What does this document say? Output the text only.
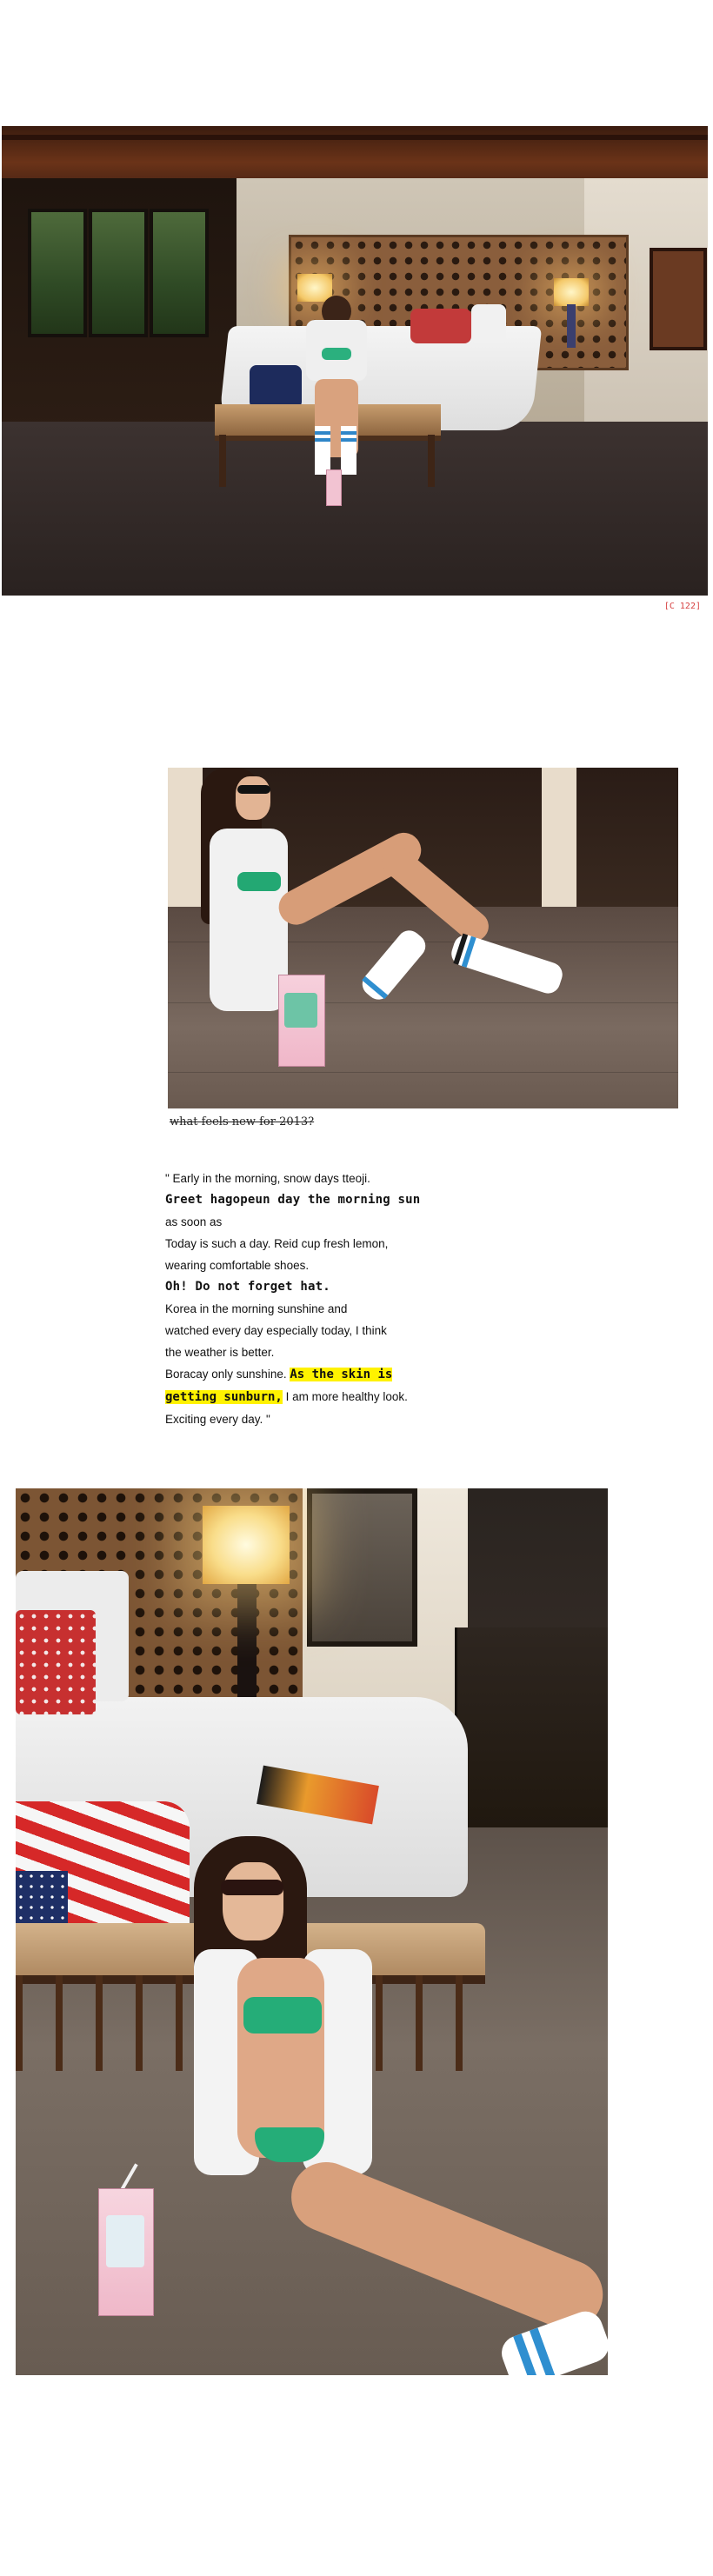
[C 122]
what feels new for 2013?
" Early in the morning, snow days tteoji.
Greet hagopeun day the morning sun
as soon as
Today is such a day. Reid cup fresh lemon,
wearing comfortable shoes.
Oh! Do not forget hat.
Korea in the morning sunshine and
watched every day especially today, I think
the weather is better.
Boracay only sunshine. As the skin is
getting sunburn, I am more healthy look.
Exciting every day. "
